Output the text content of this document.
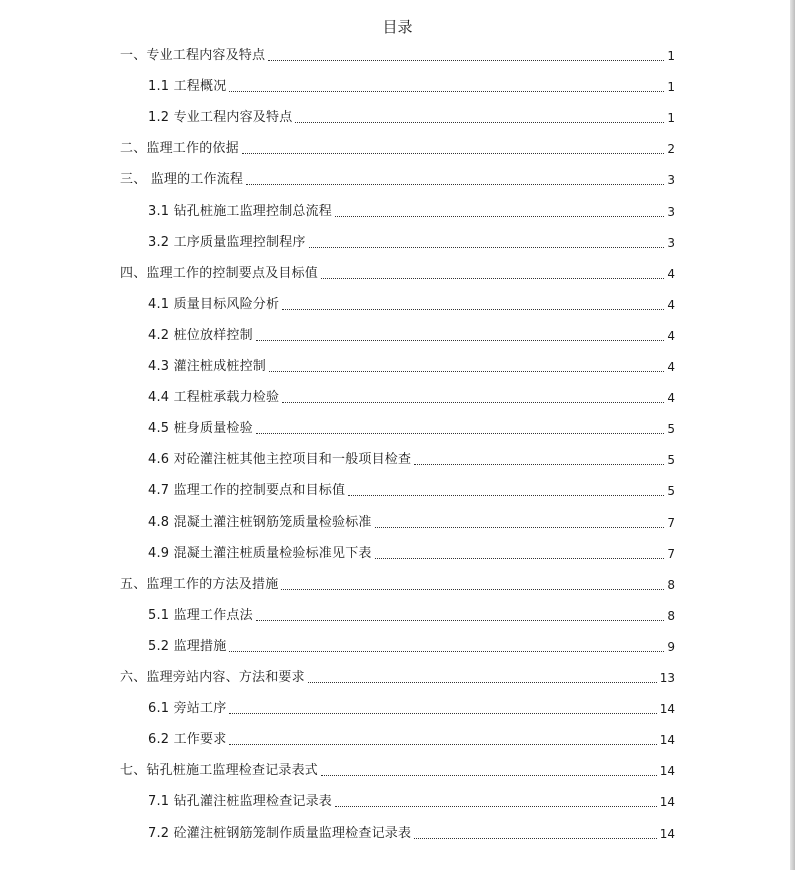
目录
一、专业工程内容及特点	1
1.1 工程概况	1
1.2 专业工程内容及特点	1
二、监理工作的依据	2
三、 监理的工作流程	3
3.1 钻孔桩施工监理控制总流程	3
3.2 工序质量监理控制程序	3
四、监理工作的控制要点及目标值	4
4.1 质量目标风险分析	4
4.2 桩位放样控制	4
4.3 灌注桩成桩控制	4
4.4 工程桩承载力检验	4
4.5 桩身质量检验	5
4.6 对砼灌注桩其他主控项目和一般项目检查	5
4.7 监理工作的控制要点和目标值	5
4.8 混凝土灌注桩钢筋笼质量检验标准	7
4.9 混凝土灌注桩质量检验标准见下表	7
五、监理工作的方法及措施	8
5.1 监理工作点法	8
5.2 监理措施	9
六、监理旁站内容、方法和要求	13
6.1 旁站工序	14
6.2 工作要求	14
七、钻孔桩施工监理检查记录表式	14
7.1 钻孔灌注桩监理检查记录表	14
7.2 砼灌注桩钢筋笼制作质量监理检查记录表	14
